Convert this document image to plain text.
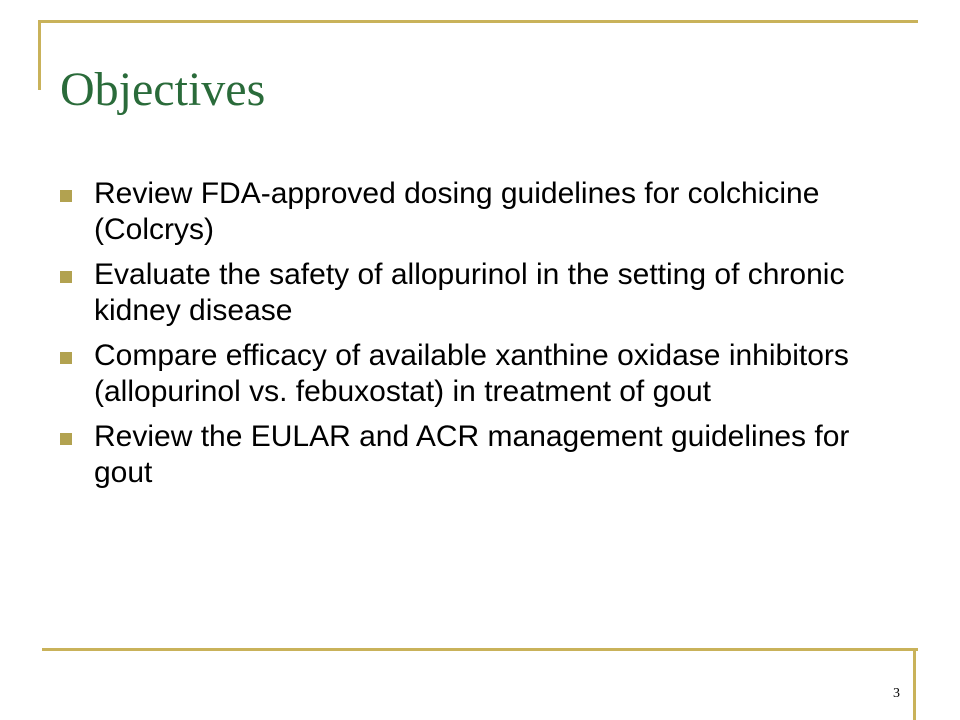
Objectives
Review FDA-approved dosing guidelines for colchicine (Colcrys)
Evaluate the safety of allopurinol in the setting of chronic kidney disease
Compare efficacy of available xanthine oxidase inhibitors (allopurinol vs. febuxostat) in treatment of gout
Review the EULAR and ACR management guidelines for gout
3
